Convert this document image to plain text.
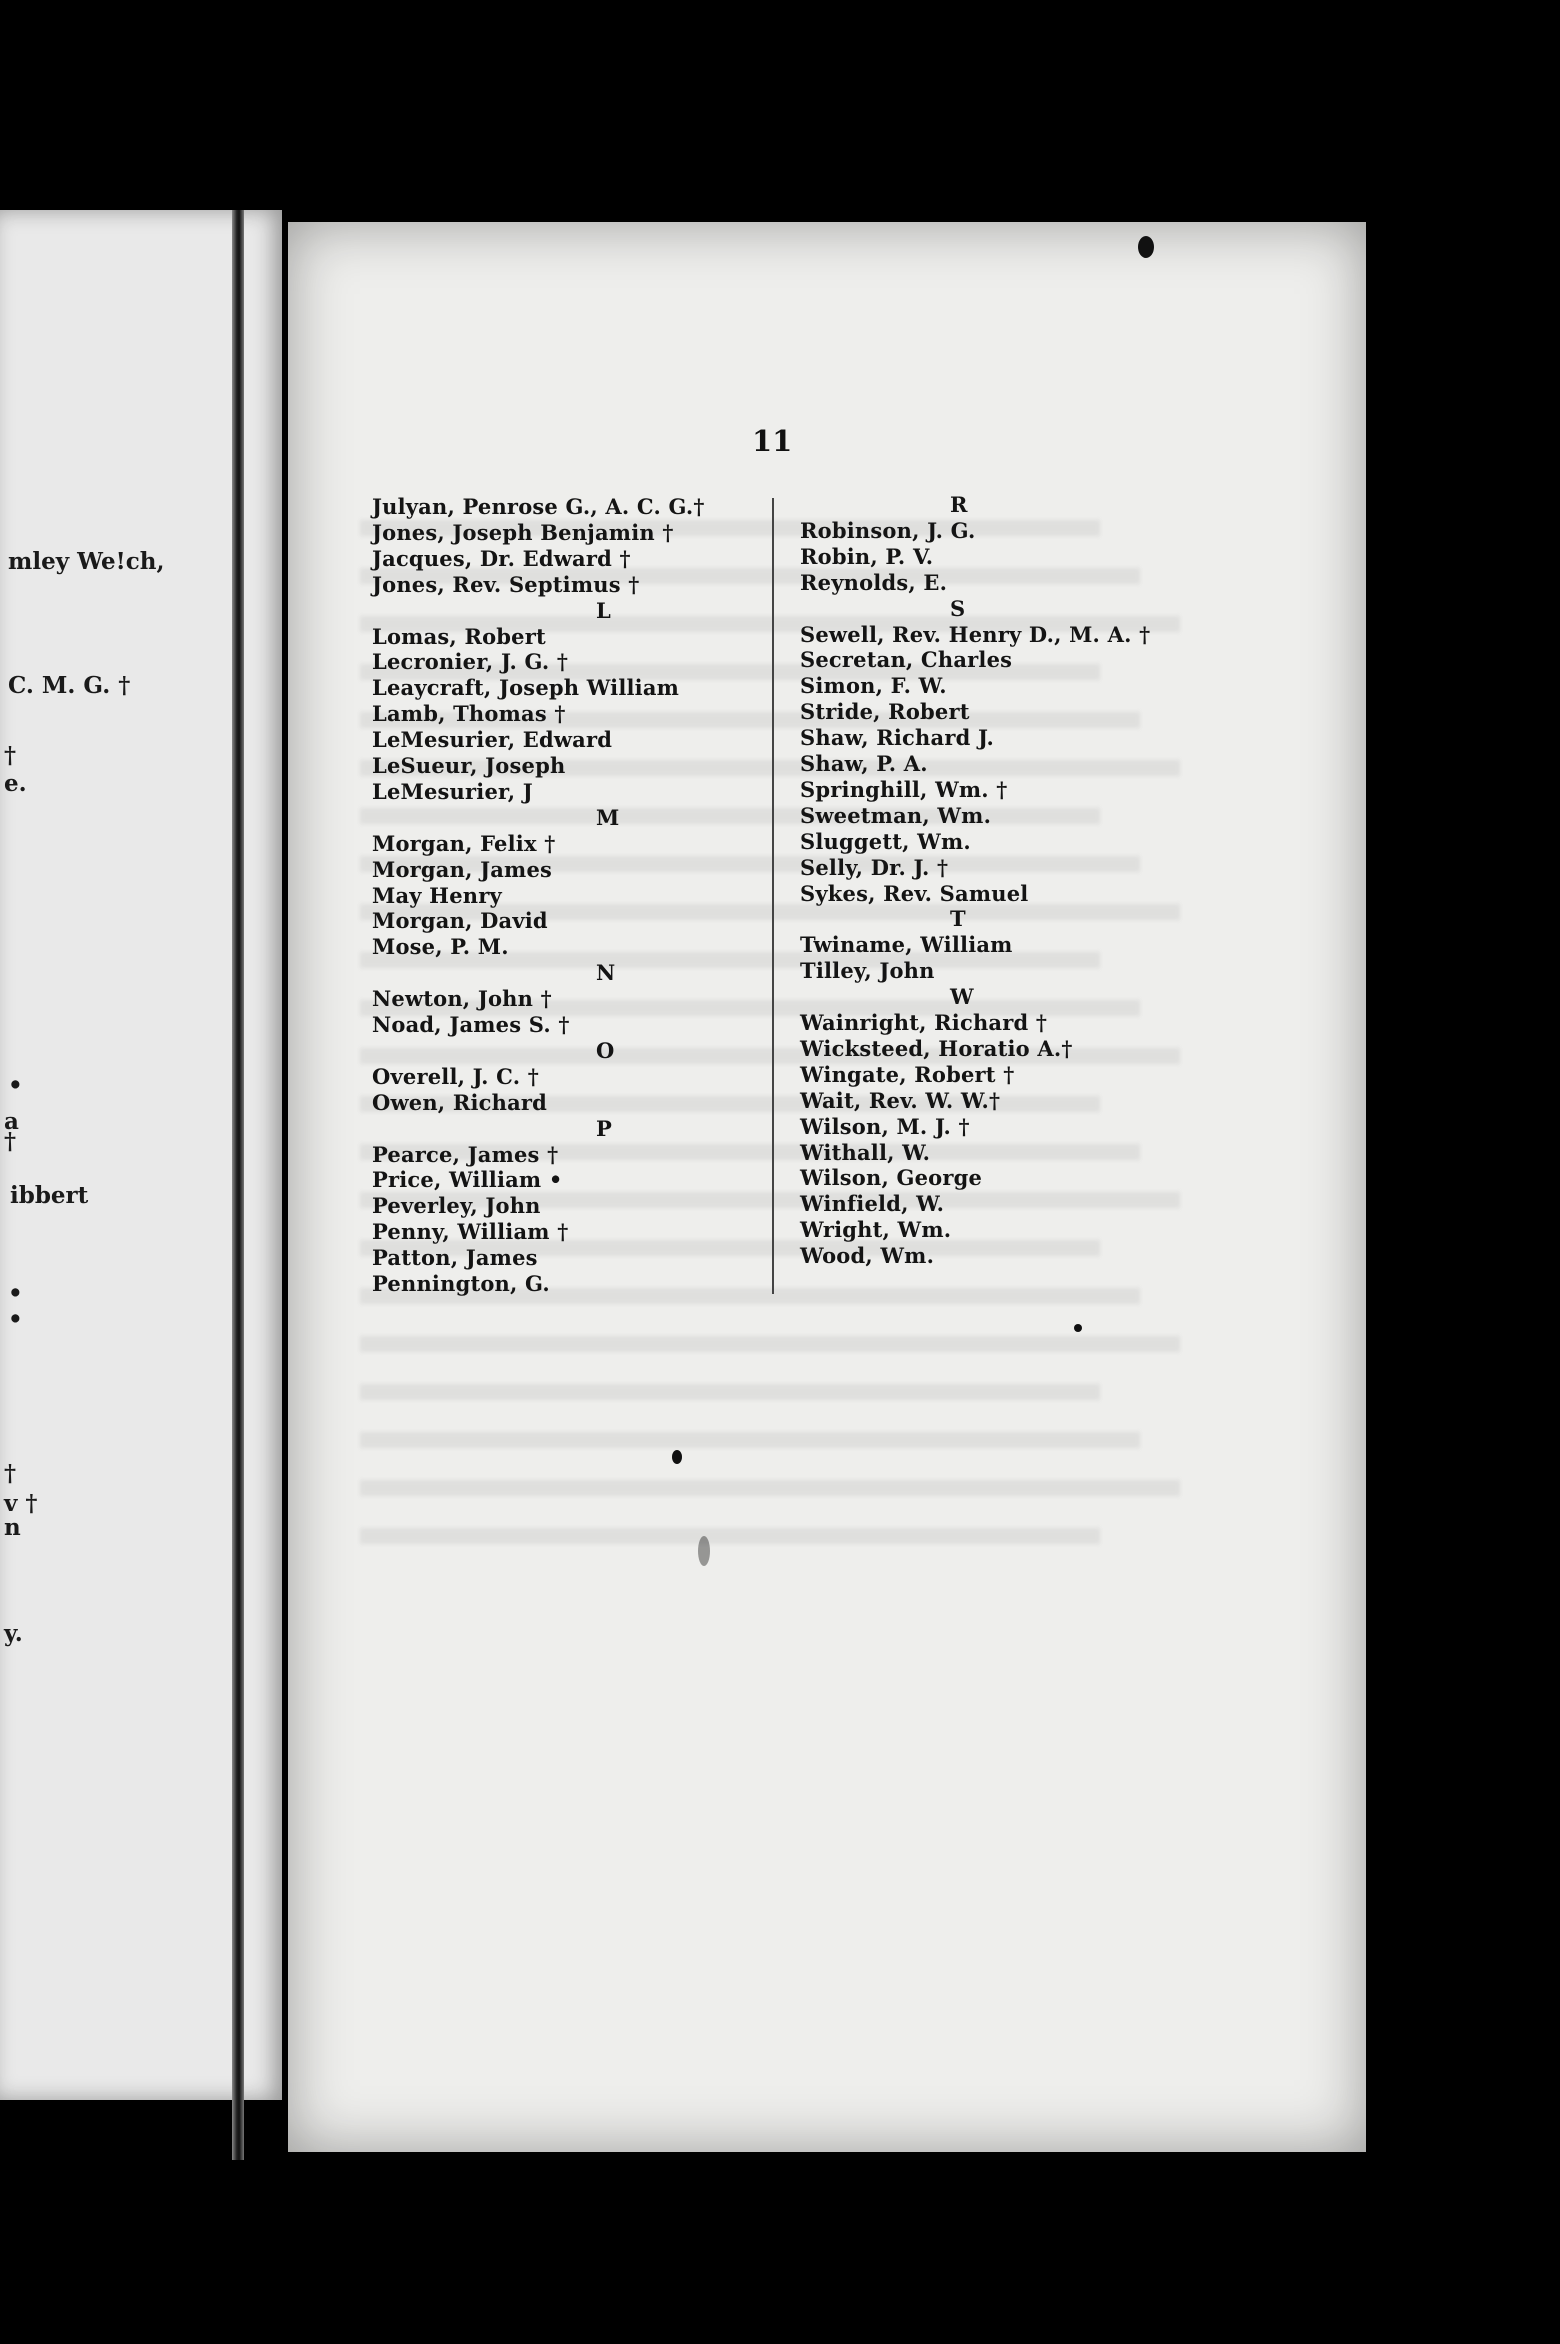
mley We!ch,
C. M. G. †
†
e.
•
a
†
ibbert
•
•
†
v †
n
y.
11
Julyan, Penrose G., A. C. G.†
Jones, Joseph Benjamin †
Jacques, Dr. Edward †
Jones, Rev. Septimus †
L
Lomas, Robert
Lecronier, J. G. †
Leaycraft, Joseph William
Lamb, Thomas †
LeMesurier, Edward
LeSueur, Joseph
LeMesurier, J
M
Morgan, Felix †
Morgan, James
May Henry
Morgan, David
Mose, P. M.
N
Newton, John †
Noad, James S. †
O
Overell, J. C. †
Owen, Richard
P
Pearce, James †
Price, William •
Peverley, John
Penny, William †
Patton, James
Pennington, G.
R
Robinson, J. G.
Robin, P. V.
Reynolds, E.
S
Sewell, Rev. Henry D., M. A. †
Secretan, Charles
Simon, F. W.
Stride, Robert
Shaw, Richard J.
Shaw, P. A.
Springhill, Wm. †
Sweetman, Wm.
Sluggett, Wm.
Selly, Dr. J. †
Sykes, Rev. Samuel
T
Twiname, William
Tilley, John
W
Wainright, Richard †
Wicksteed, Horatio A.†
Wingate, Robert †
Wait, Rev. W. W.†
Wilson, M. J. †
Withall, W.
Wilson, George
Winfield, W.
Wright, Wm.
Wood, Wm.
